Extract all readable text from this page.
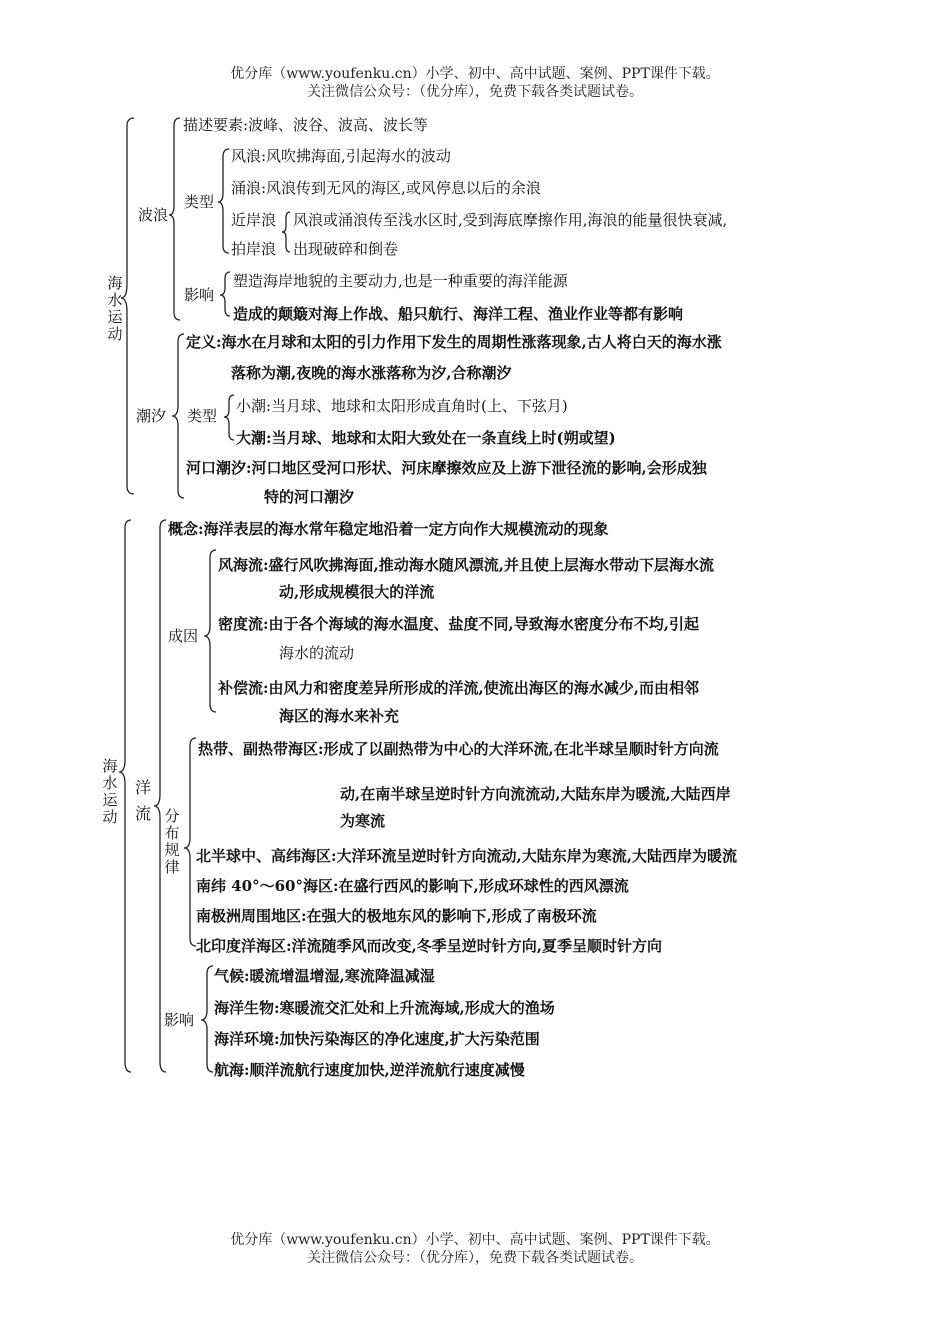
优分库（www.youfenku.cn）小学、初中、高中试题、案例、PPT课件下载。
关注微信公众号：（优分库），免费下载各类试题试卷。
海水运动
波浪
描述要素:波峰、波谷、波高、波长等
类型
风浪:风吹拂海面,引起海水的波动
涌浪:风浪传到无风的海区,或风停息以后的余浪
近岸浪
拍岸浪
风浪或涌浪传至浅水区时,受到海底摩擦作用,海浪的能量很快衰减,
出现破碎和倒卷
影响
塑造海岸地貌的主要动力,也是一种重要的海洋能源
造成的颠簸对海上作战、船只航行、海洋工程、渔业作业等都有影响
潮汐
定义:海水在月球和太阳的引力作用下发生的周期性涨落现象,古人将白天的海水涨
落称为潮,夜晚的海水涨落称为汐,合称潮汐
类型
小潮:当月球、地球和太阳形成直角时(上、下弦月)
大潮:当月球、地球和太阳大致处在一条直线上时(朔或望)
河口潮汐:河口地区受河口形状、河床摩擦效应及上游下泄径流的影响,会形成独
特的河口潮汐
海水运动
洋流
概念:海洋表层的海水常年稳定地沿着一定方向作大规模流动的现象
成因
风海流:盛行风吹拂海面,推动海水随风漂流,并且使上层海水带动下层海水流
动,形成规模很大的洋流
密度流:由于各个海域的海水温度、盐度不同,导致海水密度分布不均,引起
海水的流动
补偿流:由风力和密度差异所形成的洋流,使流出海区的海水减少,而由相邻
海区的海水来补充
分布规律
热带、副热带海区:形成了以副热带为中心的大洋环流,在北半球呈顺时针方向流
动,在南半球呈逆时针方向流流动,大陆东岸为暖流,大陆西岸
为寒流
北半球中、高纬海区:大洋环流呈逆时针方向流动,大陆东岸为寒流,大陆西岸为暖流
南纬 40°～60°海区:在盛行西风的影响下,形成环球性的西风漂流
南极洲周围地区:在强大的极地东风的影响下,形成了南极环流
北印度洋海区:洋流随季风而改变,冬季呈逆时针方向,夏季呈顺时针方向
影响
气候:暖流增温增湿,寒流降温减湿
海洋生物:寒暖流交汇处和上升流海域,形成大的渔场
海洋环境:加快污染海区的净化速度,扩大污染范围
航海:顺洋流航行速度加快,逆洋流航行速度减慢
优分库（www.youfenku.cn）小学、初中、高中试题、案例、PPT课件下载。
关注微信公众号：（优分库），免费下载各类试题试卷。
